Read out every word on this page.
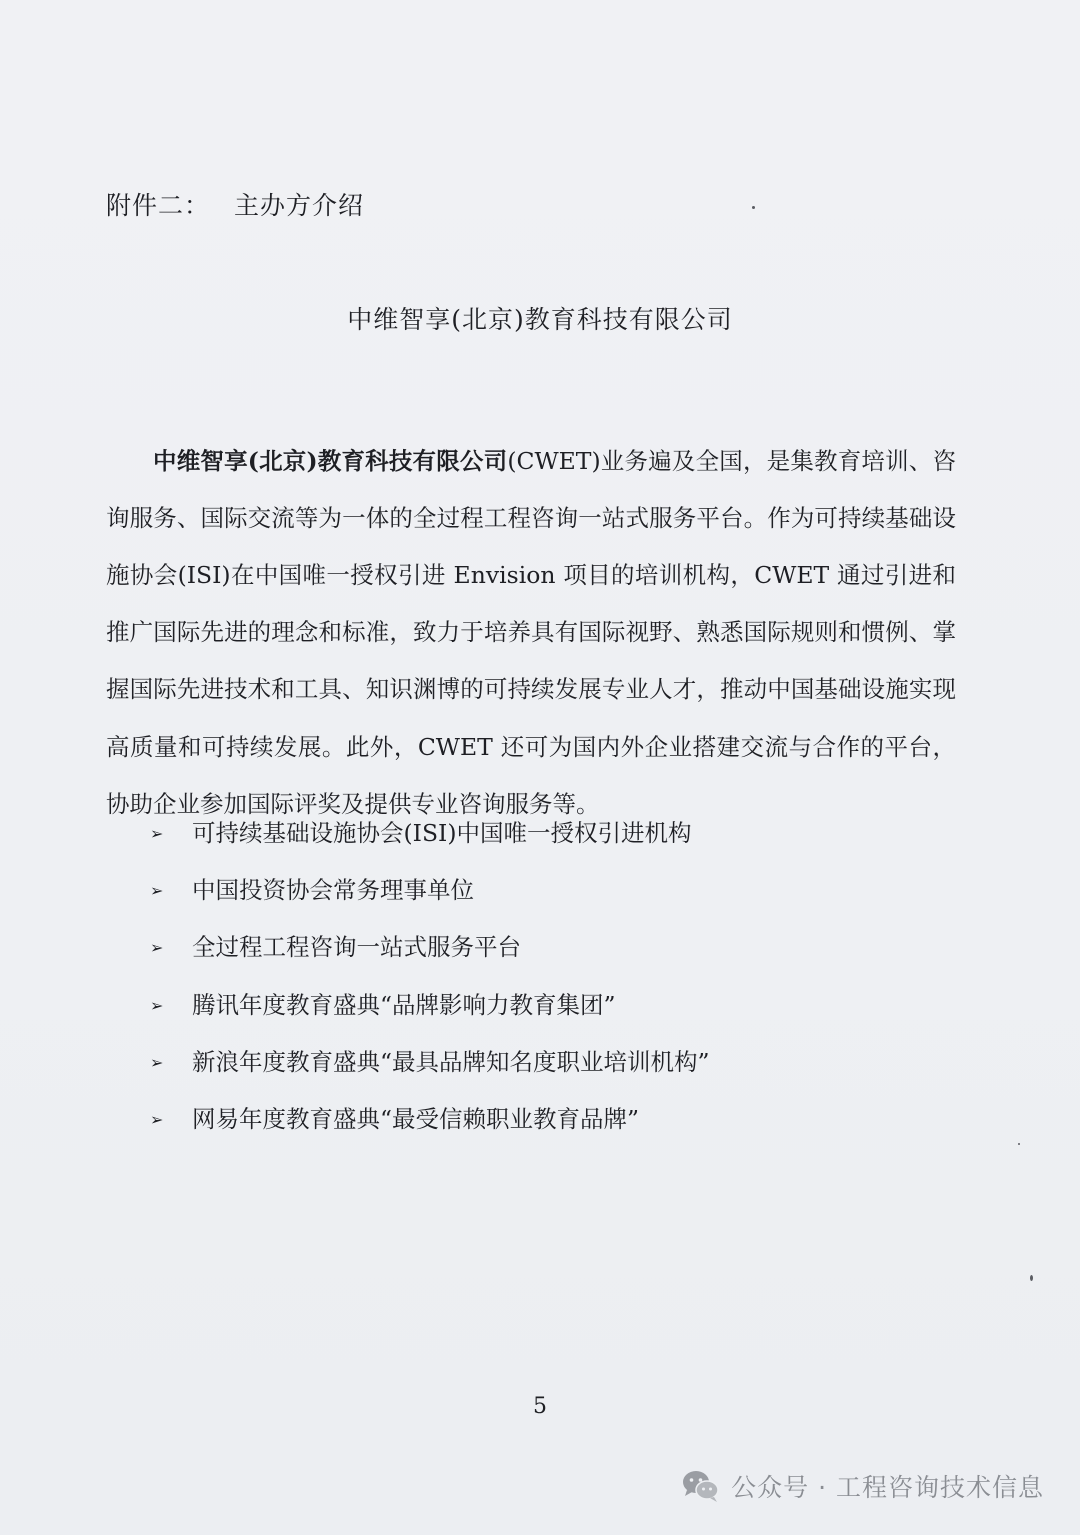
附件二： 主办方介绍
中维智享(北京)教育科技有限公司

中维智享(北京)教育科技有限公司(CWET)业务遍及全国，是集教育培训、咨询服务、国际交流等为一体的全过程工程咨询一站式服务平台。作为可持续基础设施协会(ISI)在中国唯一授权引进 Envision 项目的培训机构，CWET 通过引进和推广国际先进的理念和标准，致力于培养具有国际视野、熟悉国际规则和惯例、掌握国际先进技术和工具、知识渊博的可持续发展专业人才，推动中国基础设施实现高质量和可持续发展。此外，CWET 还可为国内外企业搭建交流与合作的平台，协助企业参加国际评奖及提供专业咨询服务等。

➢ 可持续基础设施协会(ISI)中国唯一授权引进机构
➢ 中国投资协会常务理事单位
➢ 全过程工程咨询一站式服务平台
➢ 腾讯年度教育盛典“品牌影响力教育集团”
➢ 新浪年度教育盛典“最具品牌知名度职业培训机构”
➢ 网易年度教育盛典“最受信赖职业教育品牌”
5
公众号 · 工程咨询技术信息
